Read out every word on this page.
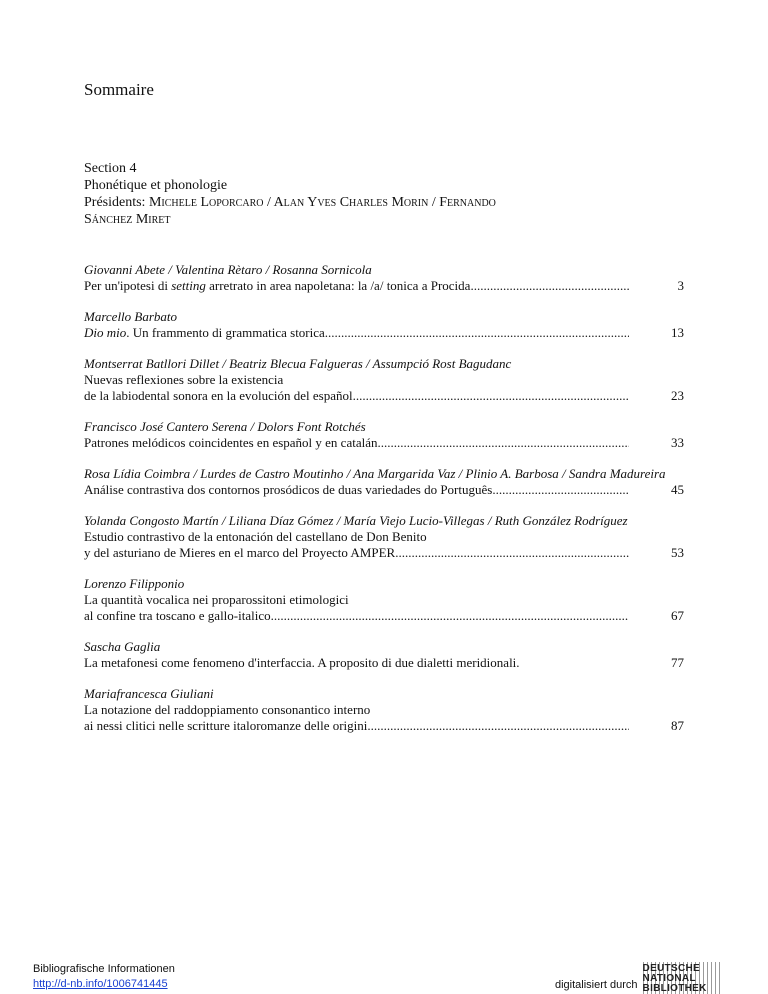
Sommaire
Section 4
Phonétique et phonologie
Présidents: Michele Loporcaro / Alan Yves Charles Morin / Fernando
Sánchez Miret
Giovanni Abete / Valentina Rètaro / Rosanna Sornicola
Per un'ipotesi di setting arretrato in area napoletana: la /a/ tonica a Procida .....	3
Marcello Barbato
Dio mio. Un frammento di grammatica storica .....	13
Montserrat Batllori Dillet / Beatriz Blecua Falgueras / Assumpció Rost Bagudanc
Nuevas reflexiones sobre la existencia
de la labiodental sonora en la evolución del español .....	23
Francisco José Cantero Serena / Dolors Font Rotchés
Patrones melódicos coincidentes en español y en catalán .....	33
Rosa Lídia Coimbra / Lurdes de Castro Moutinho / Ana Margarida Vaz / Plinio A. Barbosa / Sandra Madureira
Análise contrastiva dos contornos prosódicos de duas variedades do Português .....	45
Yolanda Congosto Martín / Liliana Díaz Gómez / María Viejo Lucio-Villegas / Ruth González Rodríguez
Estudio contrastivo de la entonación del castellano de Don Benito
y del asturiano de Mieres en el marco del Proyecto AMPER .....	53
Lorenzo Filipponio
La quantità vocalica nei proparossitoni etimologici
al confine tra toscano e gallo-italico .....	67
Sascha Gaglia
La metafonesi come fenomeno d'interfaccia. A proposito di due dialetti meridionali.	77
Mariafrancesca Giuliani
La notazione del raddoppiamento consonantico interno
ai nessi clitici nelle scritture italoromanze delle origini .....	87
Bibliografische Informationen
http://d-nb.info/1006741445	digitalisiert durch
DEUTSCHE
NATIONAL
BIBLIOTHEK
